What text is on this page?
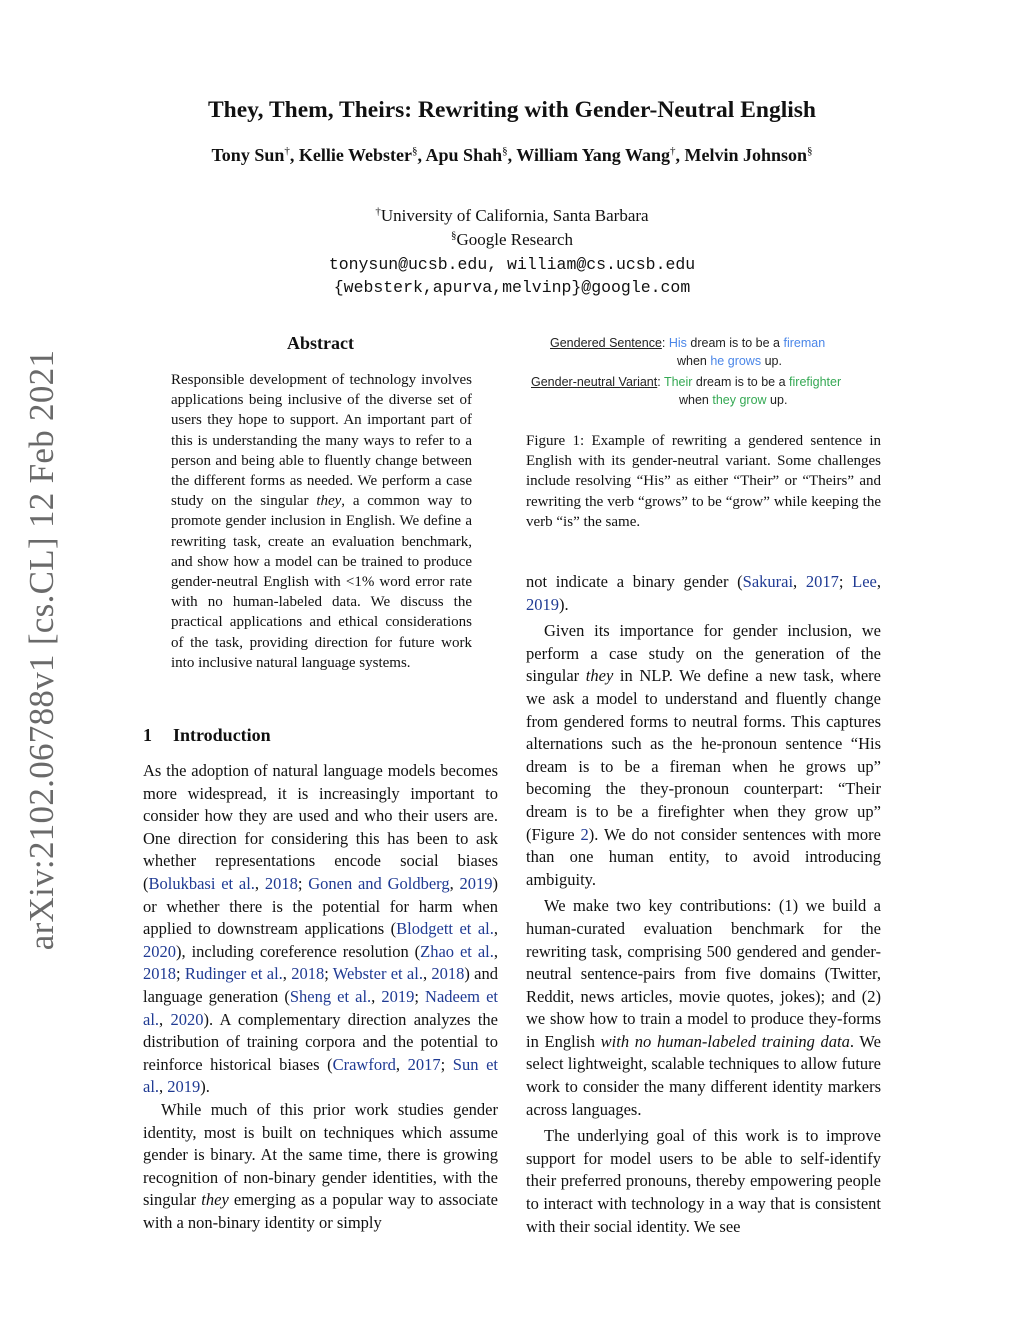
arXiv:2102.06788v1 [cs.CL] 12 Feb 2021
They, Them, Theirs: Rewriting with Gender-Neutral English
Tony Sun†, Kellie Webster§, Apu Shah§, William Yang Wang†, Melvin Johnson§
†University of California, Santa Barbara
§Google Research
tonysun@ucsb.edu, william@cs.ucsb.edu
{websterk,apurva,melvinp}@google.com
Abstract
Responsible development of technology involves applications being inclusive of the diverse set of users they hope to support. An important part of this is understanding the many ways to refer to a person and being able to fluently change between the different forms as needed. We perform a case study on the singular they, a common way to promote gender inclusion in English. We define a rewriting task, create an evaluation benchmark, and show how a model can be trained to produce gender-neutral English with <1% word error rate with no human-labeled data. We discuss the practical applications and ethical considerations of the task, providing direction for future work into inclusive natural language systems.
1 Introduction

As the adoption of natural language models becomes more widespread, it is increasingly important to consider how they are used and who their users are. One direction for considering this has been to ask whether representations encode social biases (Bolukbasi et al., 2018; Gonen and Goldberg, 2019) or whether there is the potential for harm when applied to downstream applications (Blodgett et al., 2020), including coreference resolution (Zhao et al., 2018; Rudinger et al., 2018; Webster et al., 2018) and language generation (Sheng et al., 2019; Nadeem et al., 2020). A complementary direction analyzes the distribution of training corpora and the potential to reinforce historical biases (Crawford, 2017; Sun et al., 2019).

While much of this prior work studies gender identity, most is built on techniques which assume gender is binary. At the same time, there is growing recognition of non-binary gender identities, with the singular they emerging as a popular way to associate with a non-binary identity or simply

Gendered Sentence: His dream is to be a fireman
when he grows up.
Gender-neutral Variant: Their dream is to be a firefighter
when they grow up.
Figure 1: Example of rewriting a gendered sentence in English with its gender-neutral variant. Some challenges include resolving “His” as either “Their” or “Theirs” and rewriting the verb “grows” to be “grow” while keeping the verb “is” the same.

not indicate a binary gender (Sakurai, 2017; Lee, 2019).

Given its importance for gender inclusion, we perform a case study on the generation of the singular they in NLP. We define a new task, where we ask a model to understand and fluently change from gendered forms to neutral forms. This captures alternations such as the he-pronoun sentence “His dream is to be a fireman when he grows up” becoming the they-pronoun counterpart: “Their dream is to be a firefighter when they grow up” (Figure 2). We do not consider sentences with more than one human entity, to avoid introducing ambiguity.

We make two key contributions: (1) we build a human-curated evaluation benchmark for the rewriting task, comprising 500 gendered and gender-neutral sentence-pairs from five domains (Twitter, Reddit, news articles, movie quotes, jokes); and (2) we show how to train a model to produce they-forms in English with no human-labeled training data. We select lightweight, scalable techniques to allow future work to consider the many different identity markers across languages.

The underlying goal of this work is to improve support for model users to be able to self-identify their preferred pronouns, thereby empowering people to interact with technology in a way that is consistent with their social identity. We see
